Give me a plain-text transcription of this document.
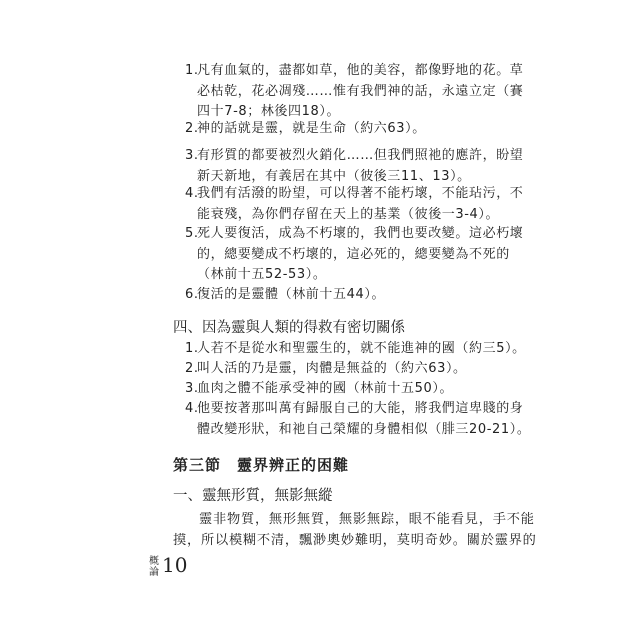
1.
凡有血氣的，盡都如草，他的美容，都像野地的花。草
必枯乾，花必凋殘……惟有我們神的話，永遠立定（賽
四十7-8；林後四18）。
2.
神的話就是靈，就是生命（約六63）。
3.
有形質的都要被烈火銷化……但我們照祂的應許，盼望
新天新地，有義居在其中（彼後三11、13）。
4.
我們有活潑的盼望，可以得著不能朽壞，不能玷污，不
能衰殘，為你們存留在天上的基業（彼後一3-4）。
5.
死人要復活，成為不朽壞的，我們也要改變。這必朽壞
的，總要變成不朽壞的，這必死的，總要變為不死的
（林前十五52-53）。
6.
復活的是靈體（林前十五44）。
四、因為靈與人類的得救有密切關係
1.
人若不是從水和聖靈生的，就不能進神的國（約三5）。
2.
叫人活的乃是靈，肉體是無益的（約六63）。
3.
血肉之體不能承受神的國（林前十五50）。
4.
他要按著那叫萬有歸服自己的大能，將我們這卑賤的身
體改變形狀，和祂自己榮耀的身體相似（腓三20-21）。
第三節　靈界辨正的困難
一、靈無形質，無影無縱
靈非物質，無形無質，無影無踪，眼不能看見，手不能
摸，所以模糊不清，飄渺奧妙難明，莫明奇妙。關於靈界的
概論 10
